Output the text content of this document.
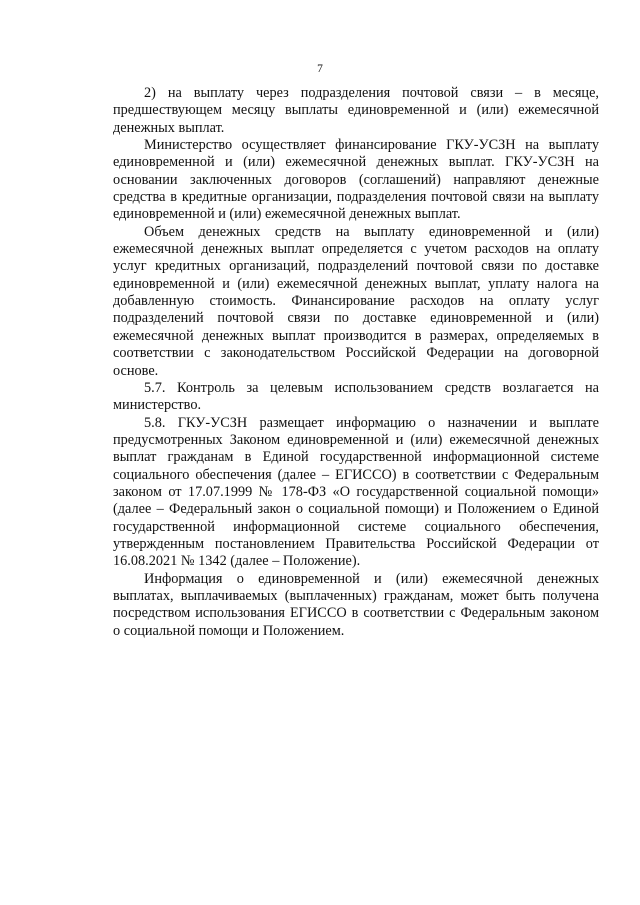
7

2) на выплату через подразделения почтовой связи – в месяце, предшествующем месяцу выплаты единовременной и (или) ежемесячной денежных выплат.

Министерство осуществляет финансирование ГКУ-УСЗН на выплату единовременной и (или) ежемесячной денежных выплат. ГКУ-УСЗН на основании заключенных договоров (соглашений) направляют денежные средства в кредитные организации, подразделения почтовой связи на выплату единовременной и (или) ежемесячной денежных выплат.

Объем денежных средств на выплату единовременной и (или) ежемесячной денежных выплат определяется с учетом расходов на оплату услуг кредитных организаций, подразделений почтовой связи по доставке единовременной и (или) ежемесячной денежных выплат, уплату налога на добавленную стоимость. Финансирование расходов на оплату услуг подразделений почтовой связи по доставке единовременной и (или) ежемесячной денежных выплат производится в размерах, определяемых в соответствии с законодательством Российской Федерации на договорной основе.

5.7. Контроль за целевым использованием средств возлагается на министерство.

5.8. ГКУ-УСЗН размещает информацию о назначении и выплате предусмотренных Законом единовременной и (или) ежемесячной денежных выплат гражданам в Единой государственной информационной системе социального обеспечения (далее – ЕГИССО) в соответствии с Федеральным законом от 17.07.1999 № 178-ФЗ «О государственной социальной помощи» (далее – Федеральный закон о социальной помощи) и Положением о Единой государственной информационной системе социального обеспечения, утвержденным постановлением Правительства Российской Федерации от 16.08.2021 № 1342 (далее – Положение).

Информация о единовременной и (или) ежемесячной денежных выплатах, выплачиваемых (выплаченных) гражданам, может быть получена посредством использования ЕГИССО в соответствии с Федеральным законом о социальной помощи и Положением.
